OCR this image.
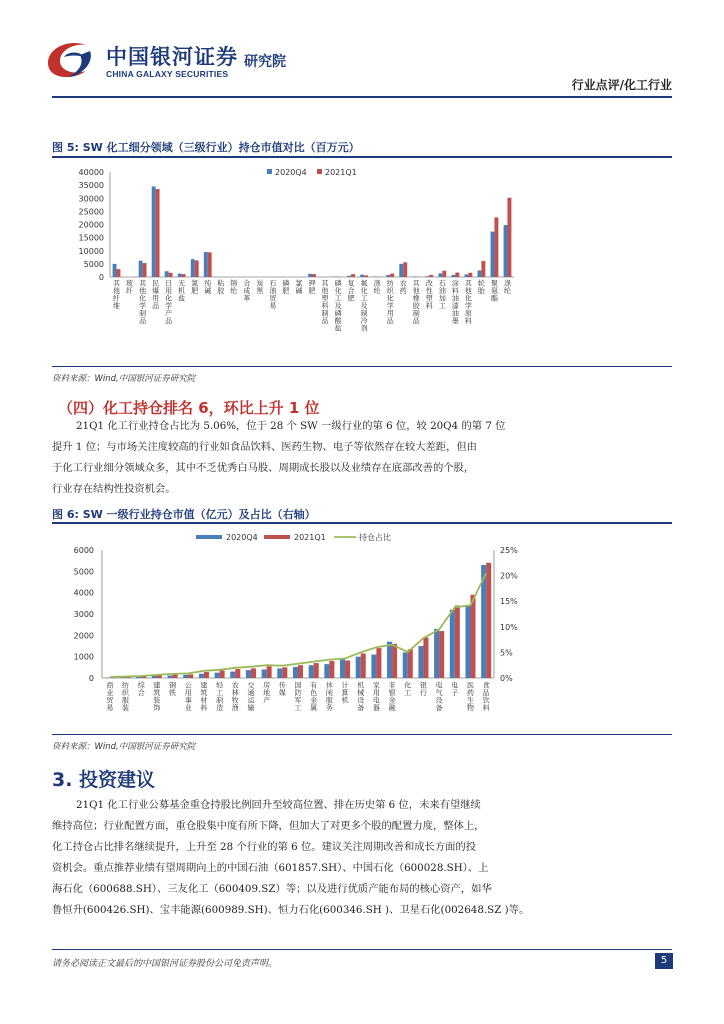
中国银河证券
CHINA GALAXY SECURITIES
研究院
行业点评/化工行业
图 5: SW 化工细分领域（三级行业）持仓市值对比（百万元）
0
5000
10000
15000
20000
25000
30000
35000
40000
其
他
纤
维
玻
纤
其
他
化
学
制
品
民
爆
用
品
日
用
化
学
产
品
无
机
盐
氮
肥
纯
碱
粘
胶
锦
纶
合
成
革
炭
黑
石
油
贸
易
磷
肥
氯
碱
钾
肥
其
他
塑
料
制
品
磷
化
工
及
磷
酸
盐
复
合
肥
氟
化
工
及
制
冷
剂
涤
纶
纺
织
化
学
用
品
农
药
其
他
橡
胶
制
品
改
性
塑
料
石
油
加
工
涂
料
油
漆
油
墨
其
他
化
学
原
料
轮
胎
聚
氨
酯
涤
纶
2020Q4 2021Q1
资料来源：Wind,中国银河证券研究院
（四）化工持仓排名 6，环比上升 1 位
21Q1 化工行业持仓占比为 5.06%，位于 28 个 SW 一级行业的第 6 位，较 20Q4 的第 7 位
提升 1 位；与市场关注度较高的行业如食品饮料、医药生物、电子等依然存在较大差距，但由
于化工行业细分领域众多，其中不乏优秀白马股、周期成长股以及业绩存在底部改善的个股，
行业存在结构性投资机会。
图 6: SW 一级行业持仓市值（亿元）及占比（右轴）
0
1000
2000
3000
4000
5000
6000
0%
5%
10%
15%
20%
25%
商
业
贸
易
纺
织
服
装
综
合
建
筑
装
饰
钢
铁
公
用
事
业
建
筑
材
料
轻
工
制
造
农
林
牧
渔
交
通
运
输
房
地
产
传
媒
国
防
军
工
有
色
金
属
休
闲
服
务
计
算
机
机
械
设
备
家
用
电
器
非
银
金
融
化
工
银
行
电
气
设
备
电
子
医
药
生
物
食
品
饮
料
2020Q4	2021Q1	持仓占比
资料来源：Wind,中国银河证券研究院
3. 投资建议
21Q1 化工行业公募基金重仓持股比例回升至较高位置、排在历史第 6 位，未来有望继续
维持高位；行业配置方面，重仓股集中度有所下降，但加大了对更多个股的配置力度，整体上，
化工持仓占比排名继续提升，上升至 28 个行业的第 6 位。建议关注周期改善和成长方面的投
资机会。重点推荐业绩有望周期向上的中国石油（601857.SH）、中国石化（600028.SH）、上
海石化（600688.SH）、三友化工（600409.SZ）等；以及进行优质产能布局的核心资产，如华
鲁恒升(600426.SH)、宝丰能源(600989.SH)、恒力石化(600346.SH )、卫星石化(002648.SZ )等。
请务必阅读正文最后的中国银河证券股份公司免责声明。	5
